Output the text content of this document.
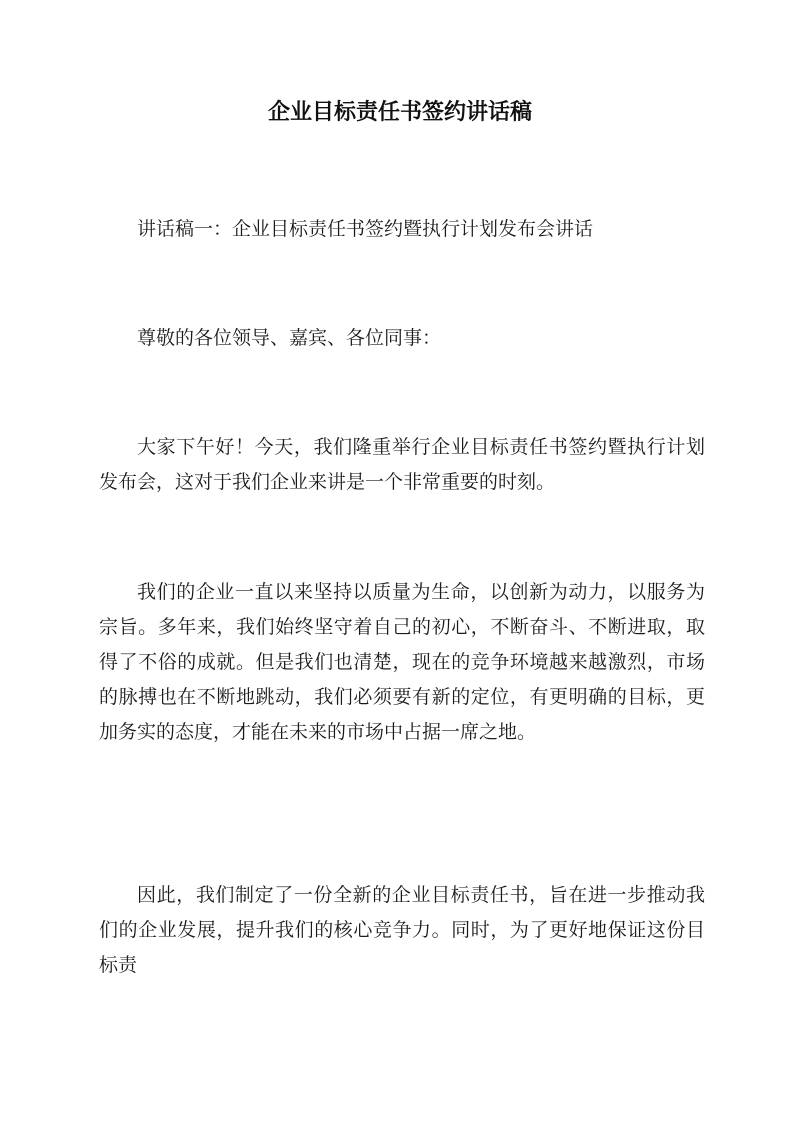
企业目标责任书签约讲话稿

讲话稿一：企业目标责任书签约暨执行计划发布会讲话

尊敬的各位领导、嘉宾、各位同事：

大家下午好！今天，我们隆重举行企业目标责任书签约暨执行计划发布会，这对于我们企业来讲是一个非常重要的时刻。

我们的企业一直以来坚持以质量为生命，以创新为动力，以服务为宗旨。多年来，我们始终坚守着自己的初心，不断奋斗、不断进取，取得了不俗的成就。但是我们也清楚，现在的竞争环境越来越激烈，市场的脉搏也在不断地跳动，我们必须要有新的定位，有更明确的目标，更加务实的态度，才能在未来的市场中占据一席之地。

因此，我们制定了一份全新的企业目标责任书，旨在进一步推动我们的企业发展，提升我们的核心竞争力。同时，为了更好地保证这份目标责
